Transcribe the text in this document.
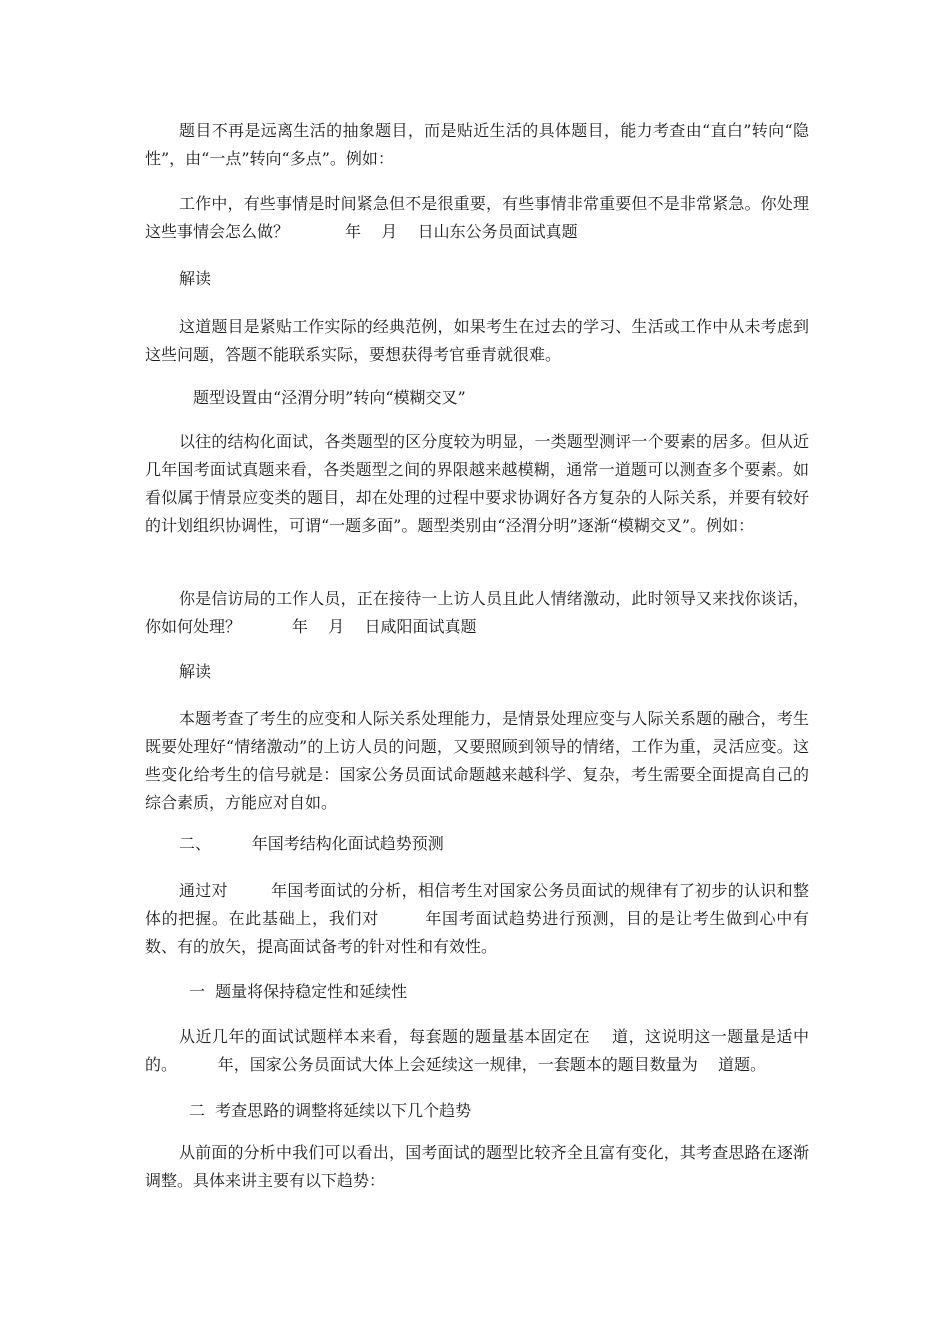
题目不再是远离生活的抽象题目，而是贴近生活的具体题目，能力考查由“直白”转向“隐性”，由“一点”转向“多点”。例如：

工作中，有些事情是时间紧急但不是很重要，有些事情非常重要但不是非常紧急。你处理这些事情会怎么做？           年    月    日山东公务员面试真题

解读

这道题目是紧贴工作实际的经典范例，如果考生在过去的学习、生活或工作中从未考虑到这些问题，答题不能联系实际，要想获得考官垂青就很难。

题型设置由“泾渭分明”转向“模糊交叉”

以往的结构化面试，各类题型的区分度较为明显，一类题型测评一个要素的居多。但从近几年国考面试真题来看，各类题型之间的界限越来越模糊，通常一道题可以测查多个要素。如看似属于情景应变类的题目，却在处理的过程中要求协调好各方复杂的人际关系，并要有较好的计划组织协调性，可谓“一题多面”。题型类别由“泾渭分明”逐渐“模糊交叉”。例如：

你是信访局的工作人员，正在接待一上访人员且此人情绪激动，此时领导又来找你谈话，你如何处理？          年    月    日咸阳面试真题

解读

本题考查了考生的应变和人际关系处理能力，是情景处理应变与人际关系题的融合，考生既要处理好“情绪激动”的上访人员的问题，又要照顾到领导的情绪，工作为重，灵活应变。这些变化给考生的信号就是：国家公务员面试命题越来越科学、复杂，考生需要全面提高自己的综合素质，方能应对自如。

二、        年国考结构化面试趋势预测

通过对        年国考面试的分析，相信考生对国家公务员面试的规律有了初步的认识和整体的把握。在此基础上，我们对        年国考面试趋势进行预测，目的是让考生做到心中有数、有的放矢，提高面试备考的针对性和有效性。

一  题量将保持稳定性和延续性

从近几年的面试试题样本来看，每套题的题量基本固定在    道，这说明这一题量是适中的。        年，国家公务员面试大体上会延续这一规律，一套题本的题目数量为    道题。

二  考查思路的调整将延续以下几个趋势

从前面的分析中我们可以看出，国考面试的题型比较齐全且富有变化，其考查思路在逐渐调整。具体来讲主要有以下趋势：
